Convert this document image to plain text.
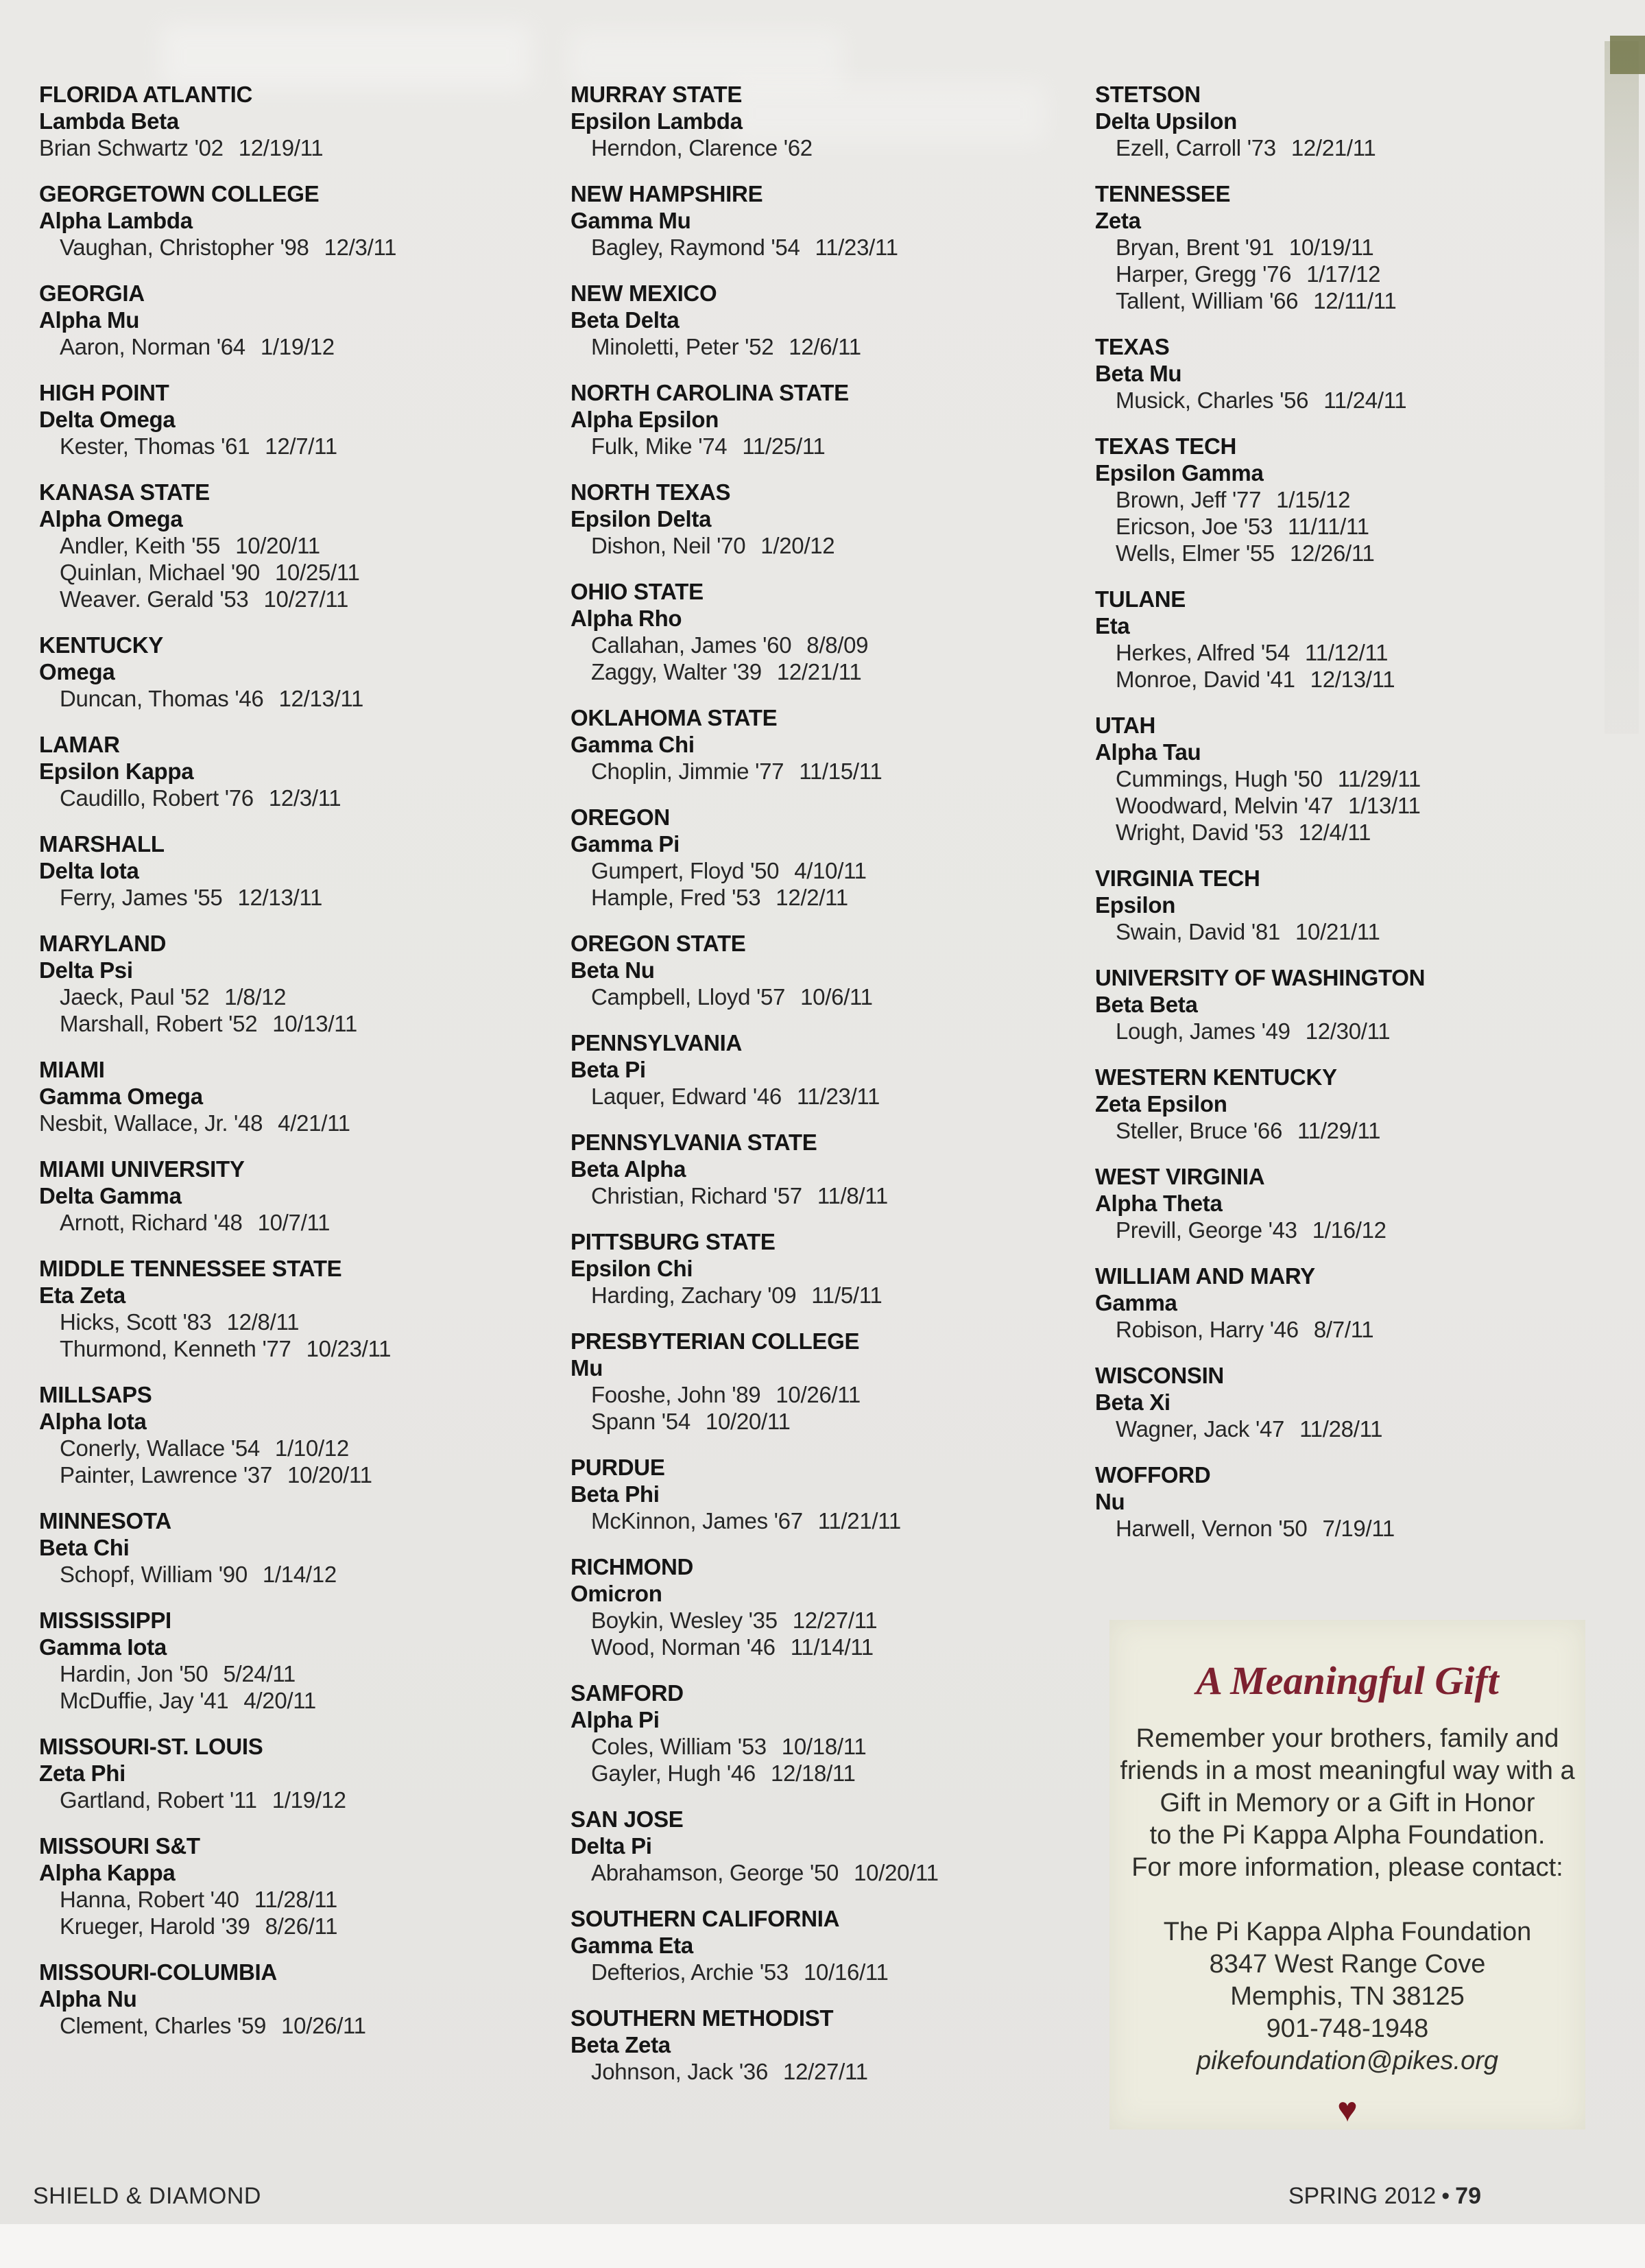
FLORIDA ATLANTIC
Lambda Beta
Brian Schwartz '02 12/19/11
GEORGETOWN COLLEGE
Alpha Lambda
Vaughan, Christopher '98 12/3/11
GEORGIA
Alpha Mu
Aaron, Norman '64 1/19/12
HIGH POINT
Delta Omega
Kester, Thomas '61 12/7/11
KANASA STATE
Alpha Omega
Andler, Keith '55 10/20/11
Quinlan, Michael '90 10/25/11
Weaver. Gerald '53 10/27/11
KENTUCKY
Omega
Duncan, Thomas '46 12/13/11
LAMAR
Epsilon Kappa
Caudillo, Robert '76 12/3/11
MARSHALL
Delta Iota
Ferry, James '55 12/13/11
MARYLAND
Delta Psi
Jaeck, Paul '52 1/8/12
Marshall, Robert '52 10/13/11
MIAMI
Gamma Omega
Nesbit, Wallace, Jr. '48 4/21/11
MIAMI UNIVERSITY
Delta Gamma
Arnott, Richard '48 10/7/11
MIDDLE TENNESSEE STATE
Eta Zeta
Hicks, Scott '83 12/8/11
Thurmond, Kenneth '77 10/23/11
MILLSAPS
Alpha Iota
Conerly, Wallace '54 1/10/12
Painter, Lawrence '37 10/20/11
MINNESOTA
Beta Chi
Schopf, William '90 1/14/12
MISSISSIPPI
Gamma Iota
Hardin, Jon '50 5/24/11
McDuffie, Jay '41 4/20/11
MISSOURI-ST. LOUIS
Zeta Phi
Gartland, Robert '11 1/19/12
MISSOURI S&T
Alpha Kappa
Hanna, Robert '40 11/28/11
Krueger, Harold '39 8/26/11
MISSOURI-COLUMBIA
Alpha Nu
Clement, Charles '59 10/26/11
MURRAY STATE
Epsilon Lambda
Herndon, Clarence '62
NEW HAMPSHIRE
Gamma Mu
Bagley, Raymond '54 11/23/11
NEW MEXICO
Beta Delta
Minoletti, Peter '52 12/6/11
NORTH CAROLINA STATE
Alpha Epsilon
Fulk, Mike '74 11/25/11
NORTH TEXAS
Epsilon Delta
Dishon, Neil '70 1/20/12
OHIO STATE
Alpha Rho
Callahan, James '60 8/8/09
Zaggy, Walter '39 12/21/11
OKLAHOMA STATE
Gamma Chi
Choplin, Jimmie '77 11/15/11
OREGON
Gamma Pi
Gumpert, Floyd '50 4/10/11
Hample, Fred '53 12/2/11
OREGON STATE
Beta Nu
Campbell, Lloyd '57 10/6/11
PENNSYLVANIA
Beta Pi
Laquer, Edward '46 11/23/11
PENNSYLVANIA STATE
Beta Alpha
Christian, Richard '57 11/8/11
PITTSBURG STATE
Epsilon Chi
Harding, Zachary '09 11/5/11
PRESBYTERIAN COLLEGE
Mu
Fooshe, John '89 10/26/11
Spann '54 10/20/11
PURDUE
Beta Phi
McKinnon, James '67 11/21/11
RICHMOND
Omicron
Boykin, Wesley '35 12/27/11
Wood, Norman '46 11/14/11
SAMFORD
Alpha Pi
Coles, William '53 10/18/11
Gayler, Hugh '46 12/18/11
SAN JOSE
Delta Pi
Abrahamson, George '50 10/20/11
SOUTHERN CALIFORNIA
Gamma Eta
Defterios, Archie '53 10/16/11
SOUTHERN METHODIST
Beta Zeta
Johnson, Jack '36 12/27/11
STETSON
Delta Upsilon
Ezell, Carroll '73 12/21/11
TENNESSEE
Zeta
Bryan, Brent '91 10/19/11
Harper, Gregg '76 1/17/12
Tallent, William '66 12/11/11
TEXAS
Beta Mu
Musick, Charles '56 11/24/11
TEXAS TECH
Epsilon Gamma
Brown, Jeff '77 1/15/12
Ericson, Joe '53 11/11/11
Wells, Elmer '55 12/26/11
TULANE
Eta
Herkes, Alfred '54 11/12/11
Monroe, David '41 12/13/11
UTAH
Alpha Tau
Cummings, Hugh '50 11/29/11
Woodward, Melvin '47 1/13/11
Wright, David '53 12/4/11
VIRGINIA TECH
Epsilon
Swain, David '81 10/21/11
UNIVERSITY OF WASHINGTON
Beta Beta
Lough, James '49 12/30/11
WESTERN KENTUCKY
Zeta Epsilon
Steller, Bruce '66 11/29/11
WEST VIRGINIA
Alpha Theta
Previll, George '43 1/16/12
WILLIAM AND MARY
Gamma
Robison, Harry '46 8/7/11
WISCONSIN
Beta Xi
Wagner, Jack '47 11/28/11
WOFFORD
Nu
Harwell, Vernon '50 7/19/11
A Meaningful Gift
Remember your brothers, family and
friends in a most meaningful way with a
Gift in Memory or a Gift in Honor
to the Pi Kappa Alpha Foundation.
For more information, please contact:
The Pi Kappa Alpha Foundation
8347 West Range Cove
Memphis, TN 38125
901-748-1948
pikefoundation@pikes.org
♥
SHIELD & DIAMOND	SPRING 2012 • 79
